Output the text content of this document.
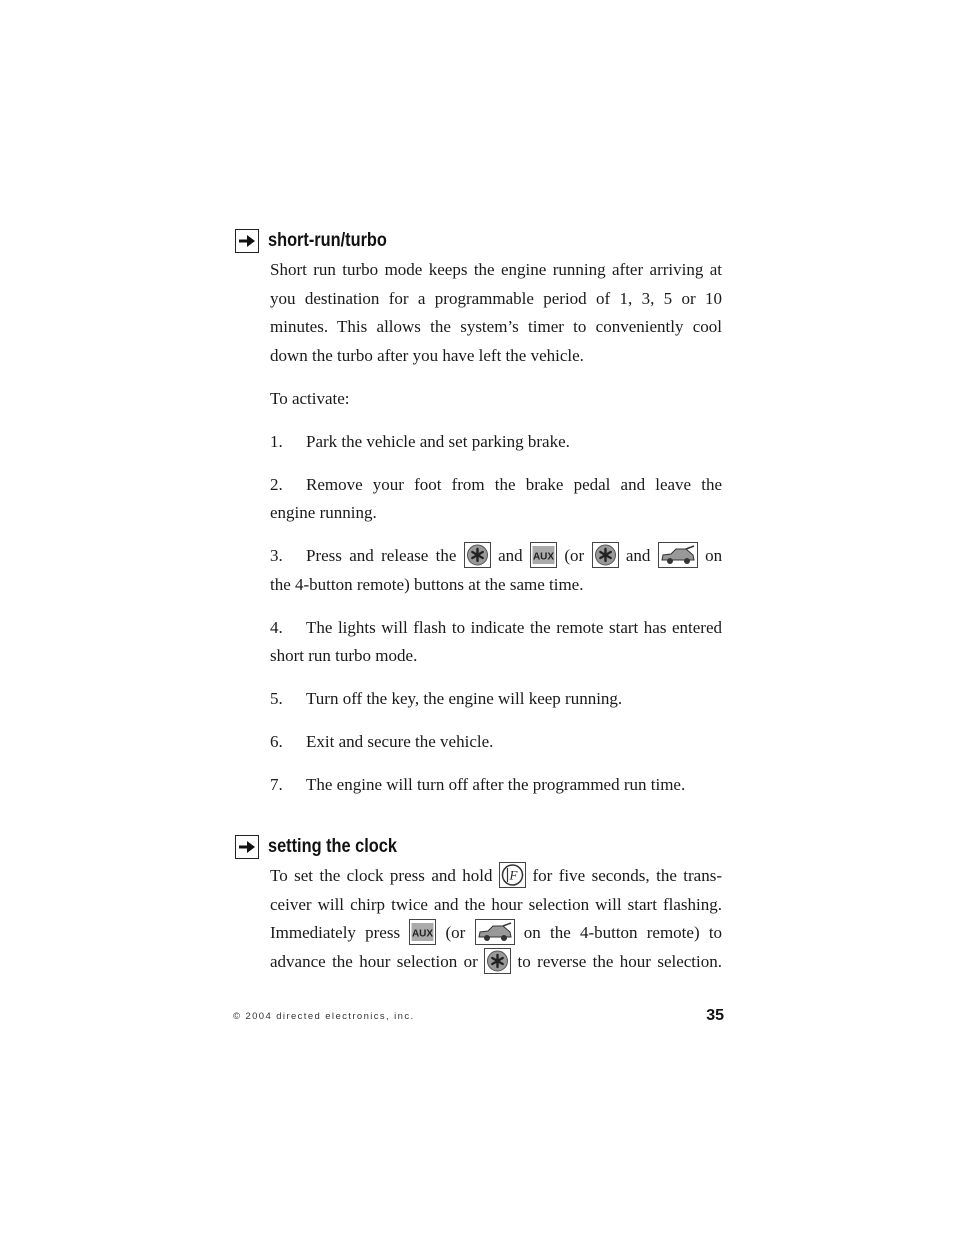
short-run/turbo

Short run turbo mode keeps the engine running after arriving at you destination for a programmable period of 1, 3, 5 or 10 minutes. This allows the system’s timer to conveniently cool down the turbo after you have left the vehicle.

To activate:

1. Park the vehicle and set parking brake.

2. Remove your foot from the brake pedal and leave the
engine running.
3. Press and release the and AUX (or and	on
the 4-button remote) buttons at the same time.
4. The lights will flash to indicate the remote start has entered
short run turbo mode.

5. Turn off the key, the engine will keep running.

6. Exit and secure the vehicle.

7. The engine will turn off after the programmed run time.

setting the clock
To set the clock press and hold F for five seconds, the trans-
ceiver will chirp twice and the hour selection will start flashing.
Immediately press AUX (or	on the 4-button remote) to
advance the hour selection or to reverse the hour selection.
© 2004 directed electronics, inc.	35
